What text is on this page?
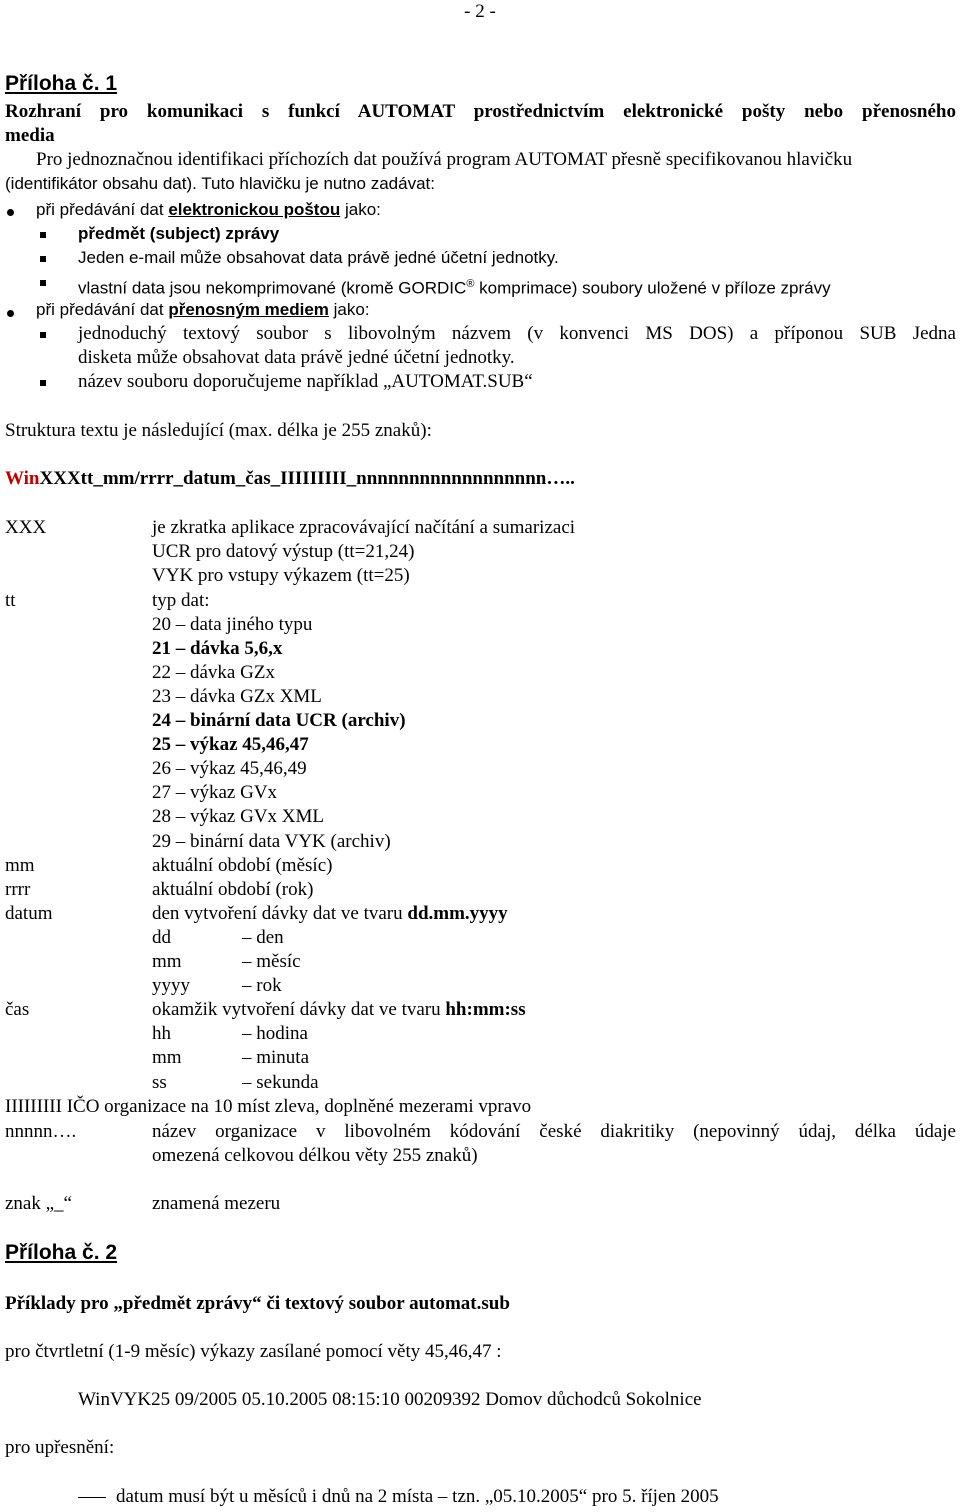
- 2 -
Příloha č. 1
Rozhraní pro komunikaci s funkcí AUTOMAT prostřednictvím elektronické pošty nebo přenosného
media
Pro jednoznačnou identifikaci příchozích dat používá program AUTOMAT přesně specifikovanou hlavičku
(identifikátor obsahu dat). Tuto hlavičku je nutno zadávat:
při předávání dat elektronickou poštou jako:
předmět (subject) zprávy
Jeden e-mail může obsahovat data právě jedné účetní jednotky.
vlastní data jsou nekomprimované (kromě GORDIC® komprimace) soubory uložené v příloze zprávy
při předávání dat přenosným mediem jako:
jednoduchý textový soubor s libovolným názvem (v konvenci MS DOS) a příponou SUB Jedna
disketa může obsahovat data právě jedné účetní jednotky.
název souboru doporučujeme například „AUTOMAT.SUB“
Struktura textu je následující (max. délka je 255 znaků):
WinXXXtt_mm/rrrr_datum_čas_IIIIIIIII_nnnnnnnnnnnnnnnnnn…..
XXX	je zkratka aplikace zpracovávající načítání a sumarizaci
UCR pro datový výstup (tt=21,24)
VYK pro vstupy výkazem (tt=25)
tt	typ dat:
20 – data jiného typu
21 – dávka 5,6,x
22 – dávka GZx
23 – dávka GZx XML
24 – binární data UCR (archiv)
25 – výkaz 45,46,47
26 – výkaz 45,46,49
27 – výkaz GVx
28 – výkaz GVx XML
29 – binární data VYK (archiv)
mm	aktuální období (měsíc)
rrrr	aktuální období (rok)
datum	den vytvoření dávky dat ve tvaru dd.mm.yyyy
dd	– den
mm	– měsíc
yyyy	– rok
čas	okamžik vytvoření dávky dat ve tvaru hh:mm:ss
hh	– hodina
mm	– minuta
ss	– sekunda
IIIIIIIII IČO organizace na 10 míst zleva, doplněné mezerami vpravo
nnnnn….	název organizace v libovolném kódování české diakritiky (nepovinný údaj, délka údaje
omezená celkovou délkou věty 255 znaků)
znak „_“	znamená mezeru
Příloha č. 2
Příklady pro „předmět zprávy“ či textový soubor automat.sub
pro čtvrtletní (1-9 měsíc) výkazy zasílané pomocí věty 45,46,47 :
WinVYK25 09/2005 05.10.2005 08:15:10 00209392 Domov důchodců Sokolnice
pro upřesnění:
datum musí být u měsíců i dnů na 2 místa – tzn. „05.10.2005“ pro 5. říjen 2005
